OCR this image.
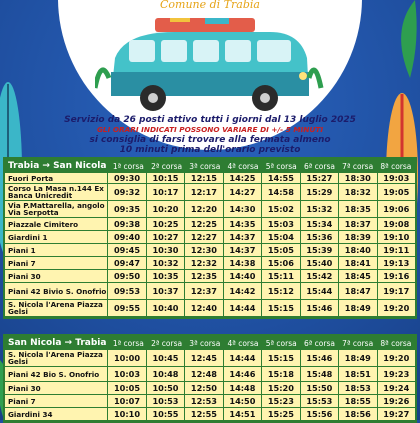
Comune di Trabia
Servizio da 26 posti attivo tutti i giorni dal 13 luglio 2025
GLI ORARI INDICATI POSSONO VARIARE DI +/- 5 MINUTI
si consiglia di farsi trovare alla fermata almeno
10 minuti prima dell'orario previsto
Trabia → San Nicola 1ª corsa 2ª corsa 3ª corsa 4ª corsa 5ª corsa 6ª corsa 7ª corsa 8ª corsa
Fuori Porta	09:30	10:15	12:15	14:25	14:55	15:27	18:30	19:03
Corso La Masa n.144 Ex Banca Unicredit	09:32	10:17	12:17	14:27	14:58	15:29	18:32	19:05
Via P.Mattarella, angolo Via Serpotta	09:35	10:20	12:20	14:30	15:02	15:32	18:35	19:06
Piazzale Cimitero	09:38	10:25	12:25	14:35	15:03	15:34	18:37	19:08
Giardini 1	09:40	10:27	12:27	14:37	15:04	15:36	18:39	19:10
Piani 1	09:45	10:30	12:30	14:37	15:05	15:39	18:40	19:11
Piani 7	09:47	10:32	12:32	14:38	15:06	15:40	18:41	19:13
Piani 30	09:50	10:35	12:35	14:40	15:11	15:42	18:45	19:16
Piani 42 Bivio S. Onofrio 09:53	10:37	12:37	14:42	15:12	15:44	18:47	19:17
S. Nicola l'Arena Piazza Gelsi	09:55	10:40	12:40	14:44	15:15	15:46	18:49	19:20
San Nicola → Trabia 1ª corsa 2ª corsa 3ª corsa 4ª corsa 5ª corsa 6ª corsa 7ª corsa 8ª corsa
S. Nicola l'Arena Piazza Gelsi	10:00	10:45	12:45	14:44	15:15	15:46	18:49	19:20
Piani 42 Bio S. Onofrio	10:03	10:48	12:48	14:46	15:18	15:48	18:51	19:23
Piani 30	10:05	10:50	12:50	14:48	15:20	15:50	18:53	19:24
Piani 7	10:07	10:53	12:53	14:50	15:23	15:53	18:55	19:26
Giardini 34	10:10	10:55	12:55	14:51	15:25	15:56	18:56	19:27
